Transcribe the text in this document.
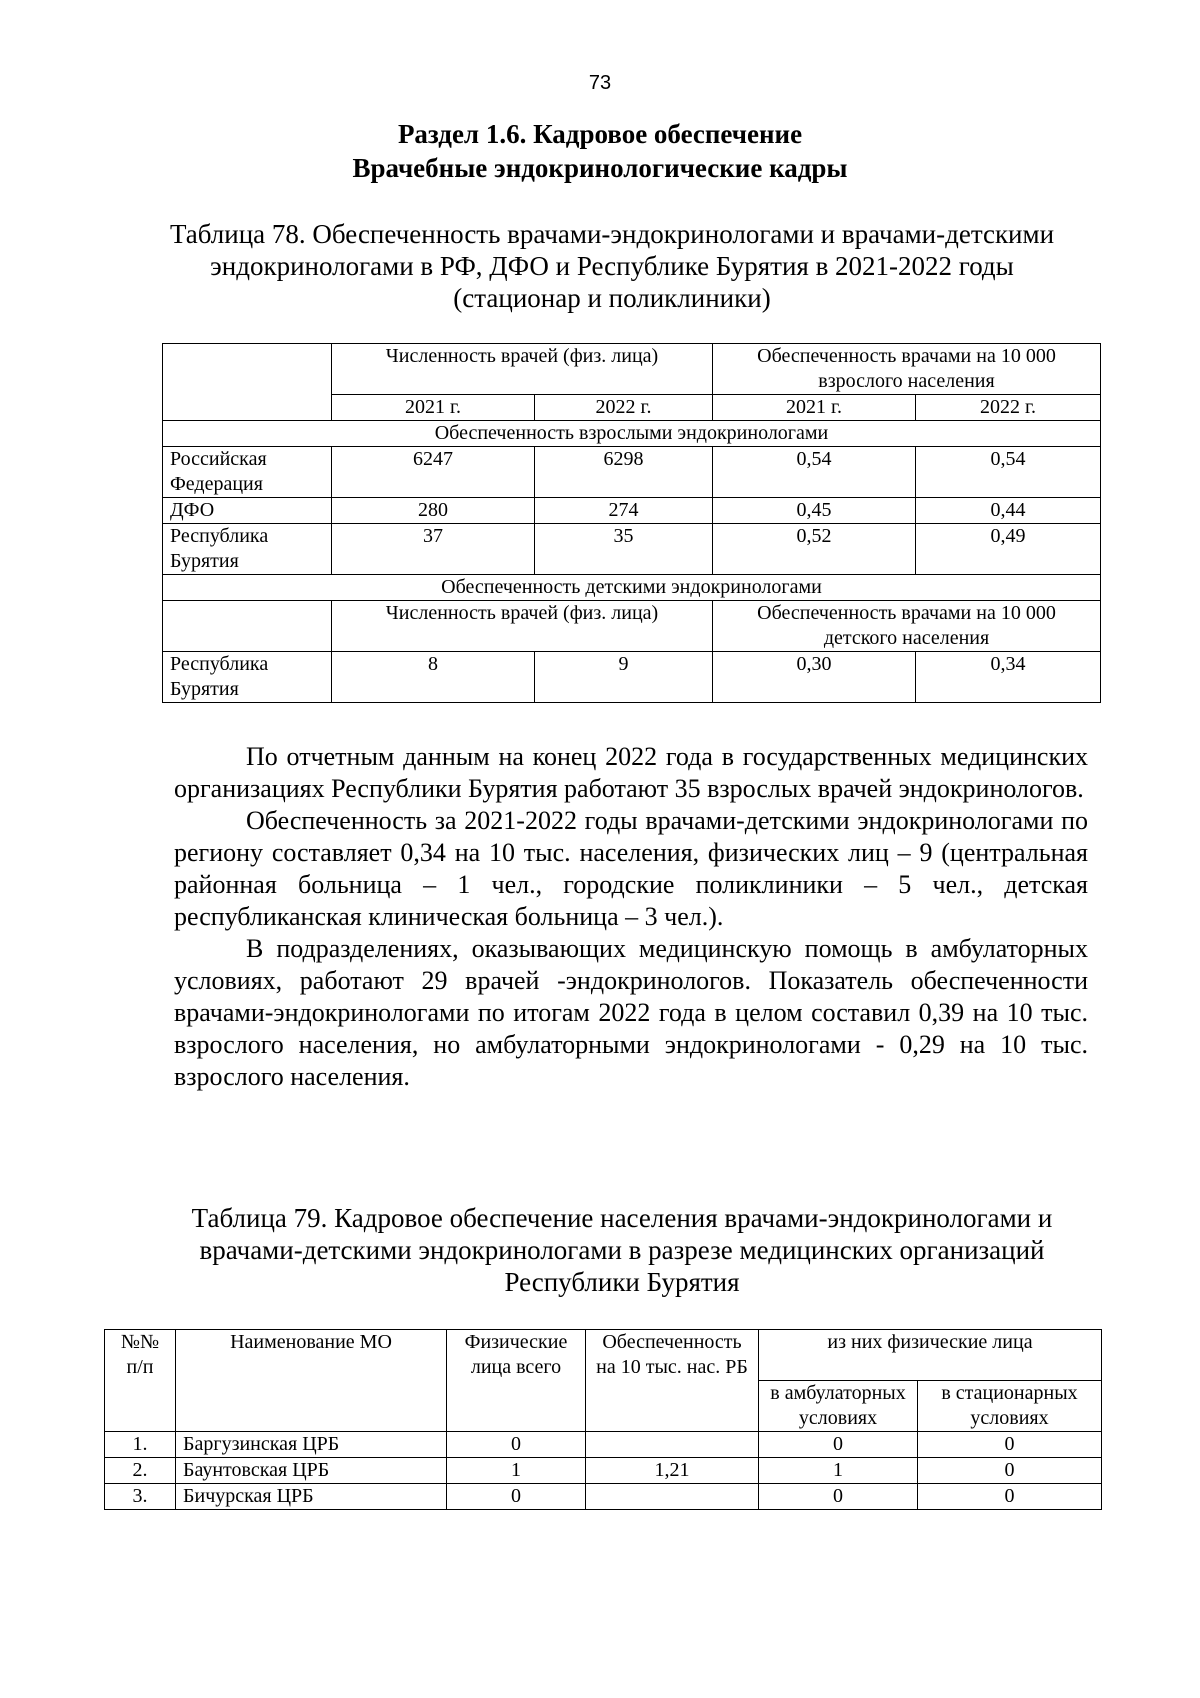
73
Раздел 1.6. Кадровое обеспечение
Врачебные эндокринологические кадры
Таблица 78. Обеспеченность врачами-эндокринологами и врачами-детскими эндокринологами в РФ, ДФО и Республике Бурятия в 2021-2022 годы (стационар и поликлиники)
	Численность врачей (физ. лица)		Обеспеченность врачами на 10 000 взрослого населения	
	2021 г.	2022 г.	2021 г.	2022 г.
Обеспеченность взрослыми эндокринологами				
Российская Федерация	6247	6298	0,54	0,54
ДФО	280	274	0,45	0,44
Республика Бурятия	37	35	0,52	0,49
Обеспеченность детскими эндокринологами				
	Численность врачей (физ. лица)		Обеспеченность врачами на 10 000 детского населения	
Республика Бурятия	8	9	0,30	0,34

По отчетным данным на конец 2022 года в государственных медицинских организациях Республики Бурятия работают 35 взрослых врачей эндокринологов.

Обеспеченность за 2021-2022 годы врачами-детскими эндокринологами по региону составляет 0,34 на 10 тыс. населения, физических лиц – 9 (центральная районная больница – 1 чел., городские поликлиники – 5 чел., детская республиканская клиническая больница – 3 чел.).

В подразделениях, оказывающих медицинскую помощь в амбулаторных условиях, работают 29 врачей -эндокринологов. Показатель обеспеченности врачами-эндокринологами по итогам 2022 года в целом составил 0,39 на 10 тыс. взрослого населения, но амбулаторными эндокринологами - 0,29 на 10 тыс. взрослого населения.

Таблица 79. Кадровое обеспечение населения врачами-эндокринологами и врачами-детскими эндокринологами в разрезе медицинских организаций Республики Бурятия
№№ п/п	Наименование МО	Физические лица всего	Обеспеченность на 10 тыс. нас. РБ	из них физические лица	
				в амбулаторных условиях	в стационарных условиях
1.	Баргузинская ЦРБ	0		0	0
2.	Баунтовская ЦРБ	1	1,21	1	0
3.	Бичурская ЦРБ	0		0	0
